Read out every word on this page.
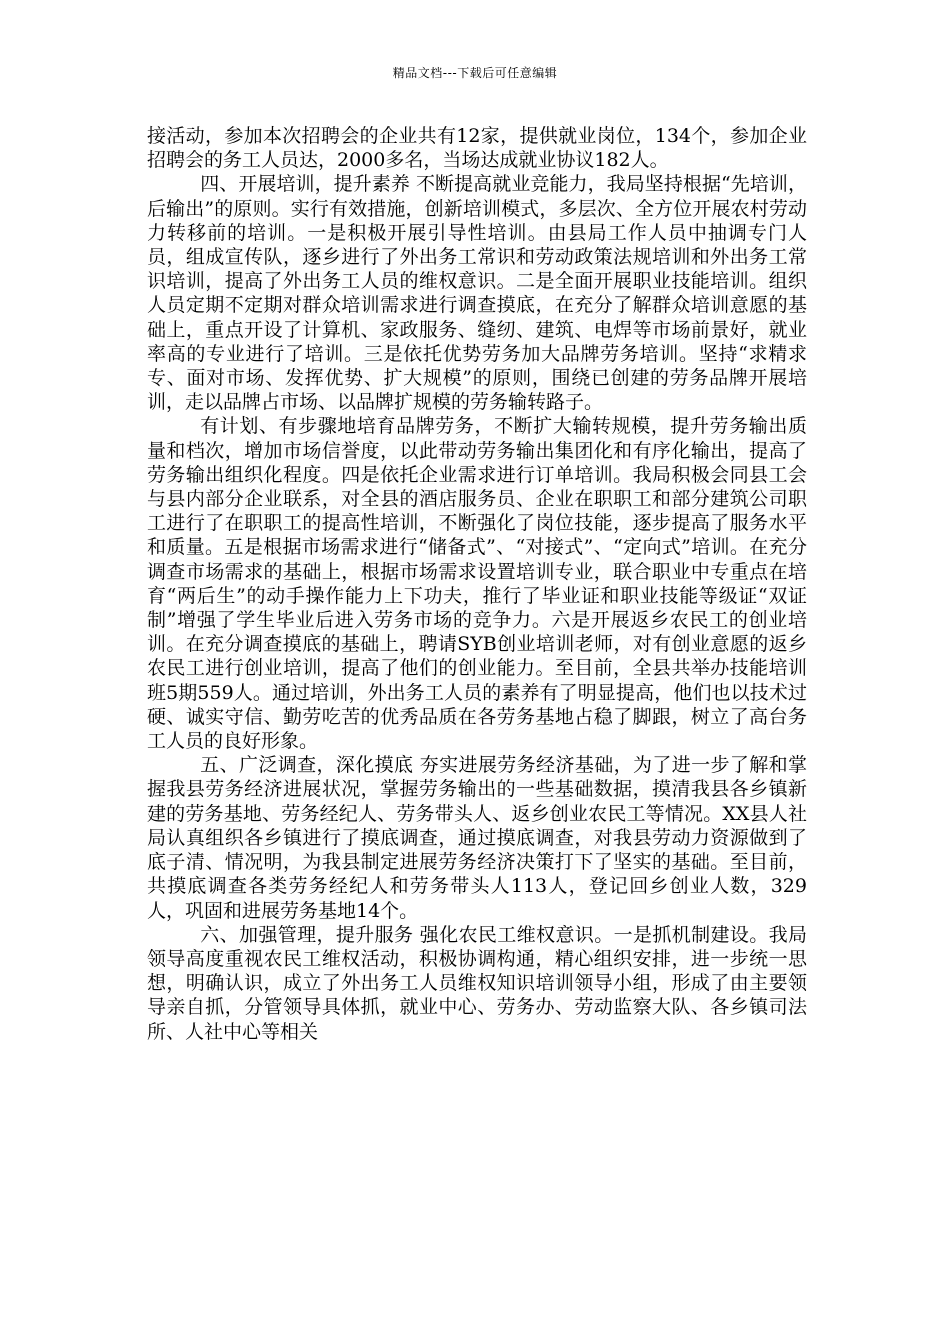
精品文档---下载后可任意编辑

接活动，参加本次招聘会的企业共有12家，提供就业岗位，134个，参加企业招聘会的务工人员达，2000多名，当场达成就业协议182人。

四、开展培训，提升素养 不断提高就业竞能力，我局坚持根据“先培训，后输出”的原则。实行有效措施，创新培训模式，多层次、全方位开展农村劳动力转移前的培训。一是积极开展引导性培训。由县局工作人员中抽调专门人员，组成宣传队，逐乡进行了外出务工常识和劳动政策法规培训和外出务工常识培训，提高了外出务工人员的维权意识。二是全面开展职业技能培训。组织人员定期不定期对群众培训需求进行调查摸底，在充分了解群众培训意愿的基础上，重点开设了计算机、家政服务、缝纫、建筑、电焊等市场前景好，就业率高的专业进行了培训。三是依托优势劳务加大品牌劳务培训。坚持“求精求专、面对市场、发挥优势、扩大规模”的原则，围绕已创建的劳务品牌开展培训，走以品牌占市场、以品牌扩规模的劳务输转路子。

有计划、有步骤地培育品牌劳务，不断扩大输转规模，提升劳务输出质量和档次，增加市场信誉度，以此带动劳务输出集团化和有序化输出，提高了劳务输出组织化程度。四是依托企业需求进行订单培训。我局积极会同县工会与县内部分企业联系，对全县的酒店服务员、企业在职职工和部分建筑公司职工进行了在职职工的提高性培训，不断强化了岗位技能，逐步提高了服务水平和质量。五是根据市场需求进行“储备式”、“对接式”、“定向式”培训。在充分调查市场需求的基础上，根据市场需求设置培训专业，联合职业中专重点在培育“两后生”的动手操作能力上下功夫，推行了毕业证和职业技能等级证“双证制”增强了学生毕业后进入劳务市场的竞争力。六是开展返乡农民工的创业培训。在充分调查摸底的基础上，聘请SYB创业培训老师，对有创业意愿的返乡农民工进行创业培训，提高了他们的创业能力。至目前，全县共举办技能培训班5期559人。通过培训，外出务工人员的素养有了明显提高，他们也以技术过硬、诚实守信、勤劳吃苦的优秀品质在各劳务基地占稳了脚跟，树立了高台务工人员的良好形象。

五、广泛调查，深化摸底 夯实进展劳务经济基础，为了进一步了解和掌握我县劳务经济进展状况，掌握劳务输出的一些基础数据，摸清我县各乡镇新建的劳务基地、劳务经纪人、劳务带头人、返乡创业农民工等情况。XX县人社局认真组织各乡镇进行了摸底调查，通过摸底调查，对我县劳动力资源做到了底子清、情况明，为我县制定进展劳务经济决策打下了坚实的基础。至目前，共摸底调查各类劳务经纪人和劳务带头人113人，登记回乡创业人数，329人，巩固和进展劳务基地14个。

六、加强管理，提升服务 强化农民工维权意识。一是抓机制建设。我局领导高度重视农民工维权活动，积极协调构通，精心组织安排，进一步统一思想，明确认识，成立了外出务工人员维权知识培训领导小组，形成了由主要领导亲自抓，分管领导具体抓，就业中心、劳务办、劳动监察大队、各乡镇司法所、人社中心等相关
